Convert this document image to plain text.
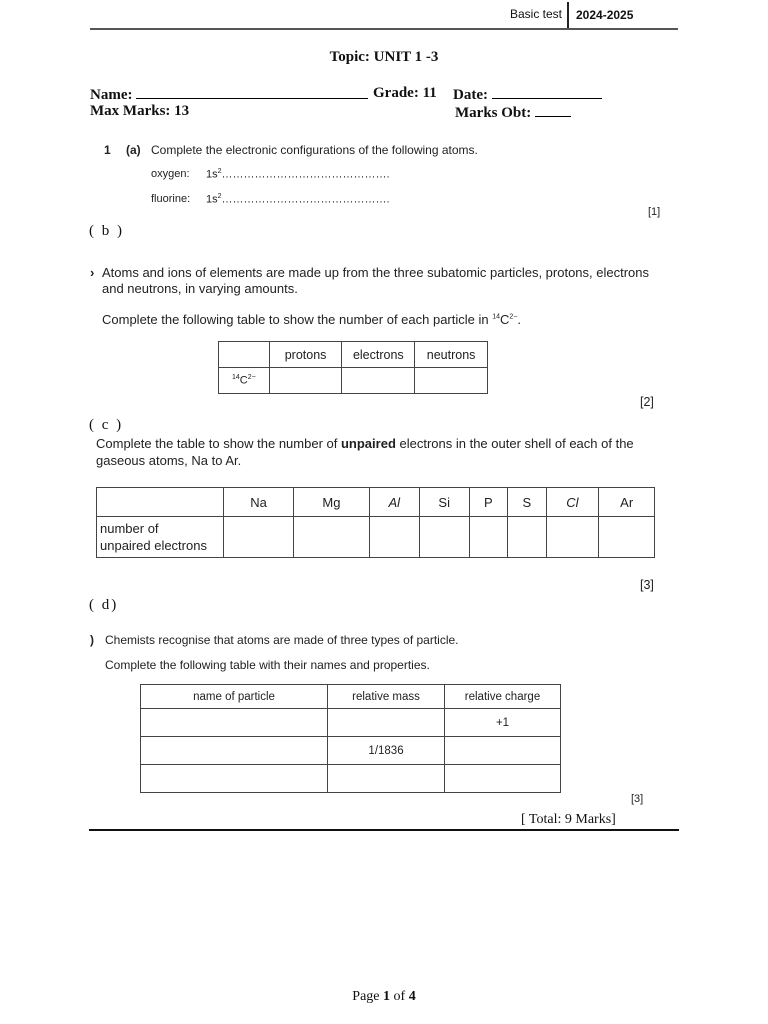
Basic test 2024-2025
Topic: UNIT 1 -3
Name:	Grade: 11 Date:
Max Marks: 13	Marks Obt:
1 (a) Complete the electronic configurations of the following atoms.
oxygen: $1s^2\dots\dots\dots\dots\dots\dots\dots\dots\dots\dots\dots\dots\dots\dots\dots$.
fluorine: $1s^2\dots\dots\dots\dots\dots\dots\dots\dots\dots\dots\dots\dots\dots\dots\dots$.
[1]
( b )
› Atoms and ions of elements are made up from the three subatomic particles, protons, electrons
and neutrons, in varying amounts.
Complete the following table to show the number of each particle in $^{14}C^{2-}$.
	protons	electrons	neutrons
$^{14}C^{2-}$			
[2]
( c )
Complete the table to show the number of unpaired electrons in the outer shell of each of the
gaseous atoms, Na to Ar.
	Na	Mg	Al	Si	P	S	Cl	Ar
number of
unpaired electrons								
[3]
( d)
) Chemists recognise that atoms are made of three types of particle.
Complete the following table with their names and properties.
name of particle	relative mass	relative charge
		+1
	1/1836	

[3]
[ Total: 9 Marks]
Page 1 of 4
